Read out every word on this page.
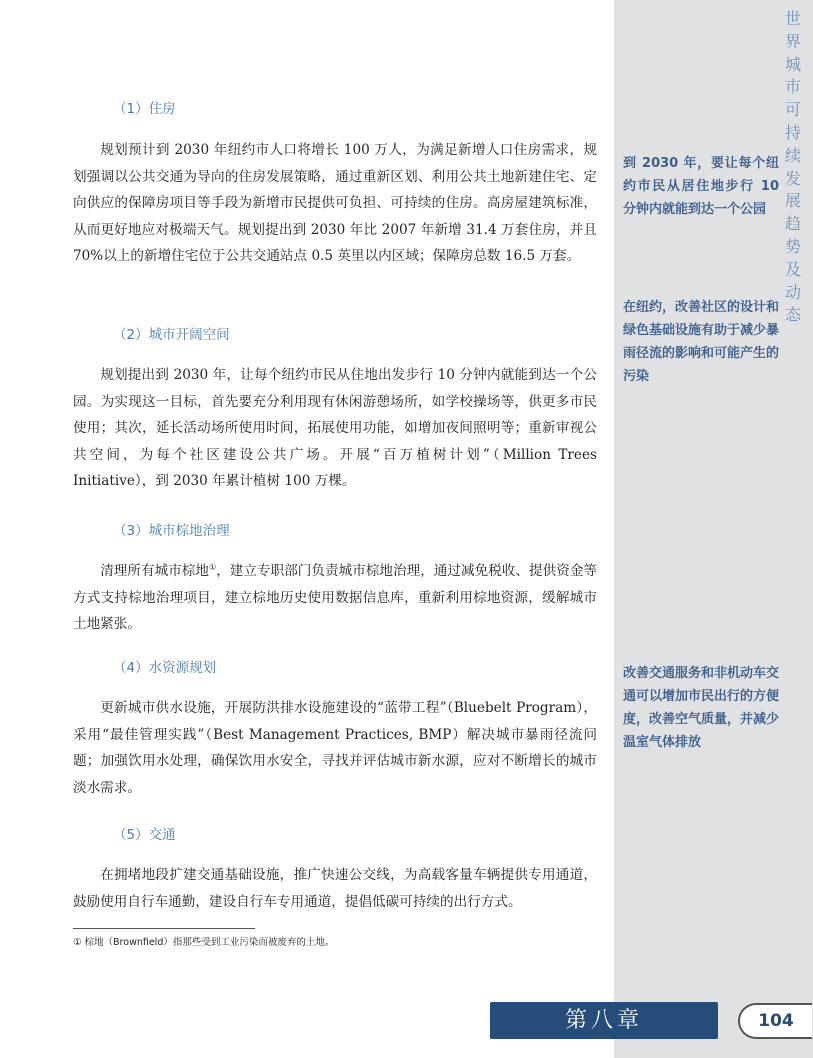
世界城市可持续发展趋势及动态
到 2030 年，要让每个纽约市民从居住地步行 10 分钟内就能到达一个公园
在纽约，改善社区的设计和绿色基础设施有助于减少暴雨径流的影响和可能产生的污染
改善交通服务和非机动车交通可以增加市民出行的方便度，改善空气质量，并减少温室气体排放
（1）住房
规划预计到 2030 年纽约市人口将增长 100 万人，为满足新增人口住房需求，规划强调以公共交通为导向的住房发展策略，通过重新区划、利用公共土地新建住宅、定向供应的保障房项目等手段为新增市民提供可负担、可持续的住房。高房屋建筑标准，从而更好地应对极端天气。规划提出到 2030 年比 2007 年新增 31.4 万套住房，并且 70%以上的新增住宅位于公共交通站点 0.5 英里以内区域；保障房总数 16.5 万套。
（2）城市开阔空间
规划提出到 2030 年，让每个纽约市民从住地出发步行 10 分钟内就能到达一个公园。为实现这一目标，首先要充分利用现有休闲游憩场所，如学校操场等，供更多市民使用；其次，延长活动场所使用时间，拓展使用功能，如增加夜间照明等；重新审视公共空间，为每个社区建设公共广场。开展“百万植树计划”（Million Trees Initiative），到 2030 年累计植树 100 万棵。
（3）城市棕地治理
清理所有城市棕地①，建立专职部门负责城市棕地治理，通过减免税收、提供资金等方式支持棕地治理项目，建立棕地历史使用数据信息库，重新利用棕地资源，缓解城市土地紧张。
（4）水资源规划
更新城市供水设施，开展防洪排水设施建设的“蓝带工程”（Bluebelt Program），采用“最佳管理实践”（Best Management Practices, BMP）解决城市暴雨径流问题；加强饮用水处理，确保饮用水安全，寻找并评估城市新水源，应对不断增长的城市淡水需求。
（5）交通
在拥堵地段扩建交通基础设施，推广快速公交线，为高载客量车辆提供专用通道，鼓励使用自行车通勤，建设自行车专用通道，提倡低碳可持续的出行方式。
① 棕地（Brownfield）指那些受到工业污染而被废弃的土地。
第八章	104
